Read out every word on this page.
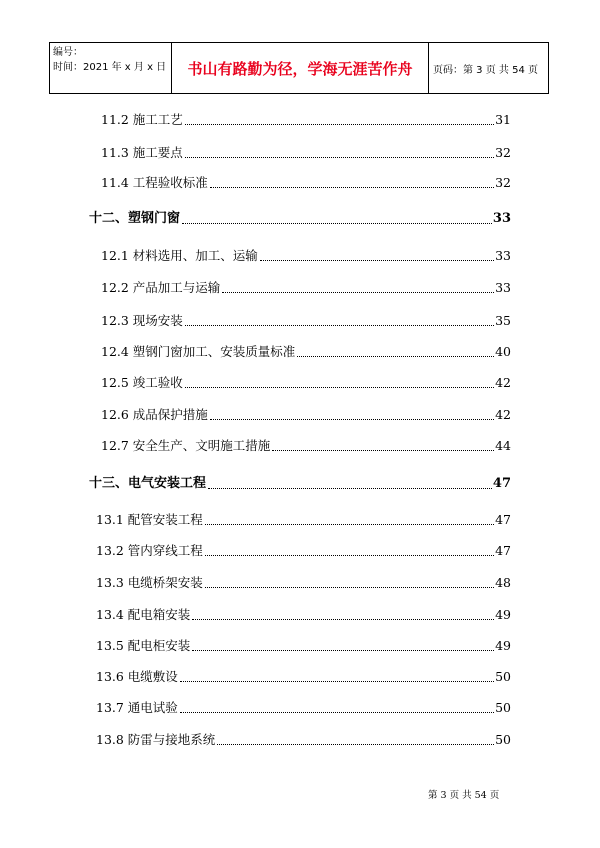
编号：
时间：2021 年 x 月 x 日	书山有路勤为径，学海无涯苦作舟	页码：第 3 页 共 54 页
11.2 施工工艺	31
11.3 施工要点	32
11.4 工程验收标准	32
十二、塑钢门窗	33
12.1 材料选用、加工、运输	33
12.2 产品加工与运输	33
12.3 现场安装	35
12.4 塑钢门窗加工、安装质量标准	40
12.5 竣工验收	42
12.6 成品保护措施	42
12.7 安全生产、文明施工措施	44
十三、电气安装工程	47
13.1 配管安装工程	47
13.2 管内穿线工程	47
13.3 电缆桥架安装	48
13.4 配电箱安装	49
13.5 配电柜安装	49
13.6 电缆敷设	50
13.7 通电试验	50
13.8 防雷与接地系统	50
第 3 页 共 54 页
